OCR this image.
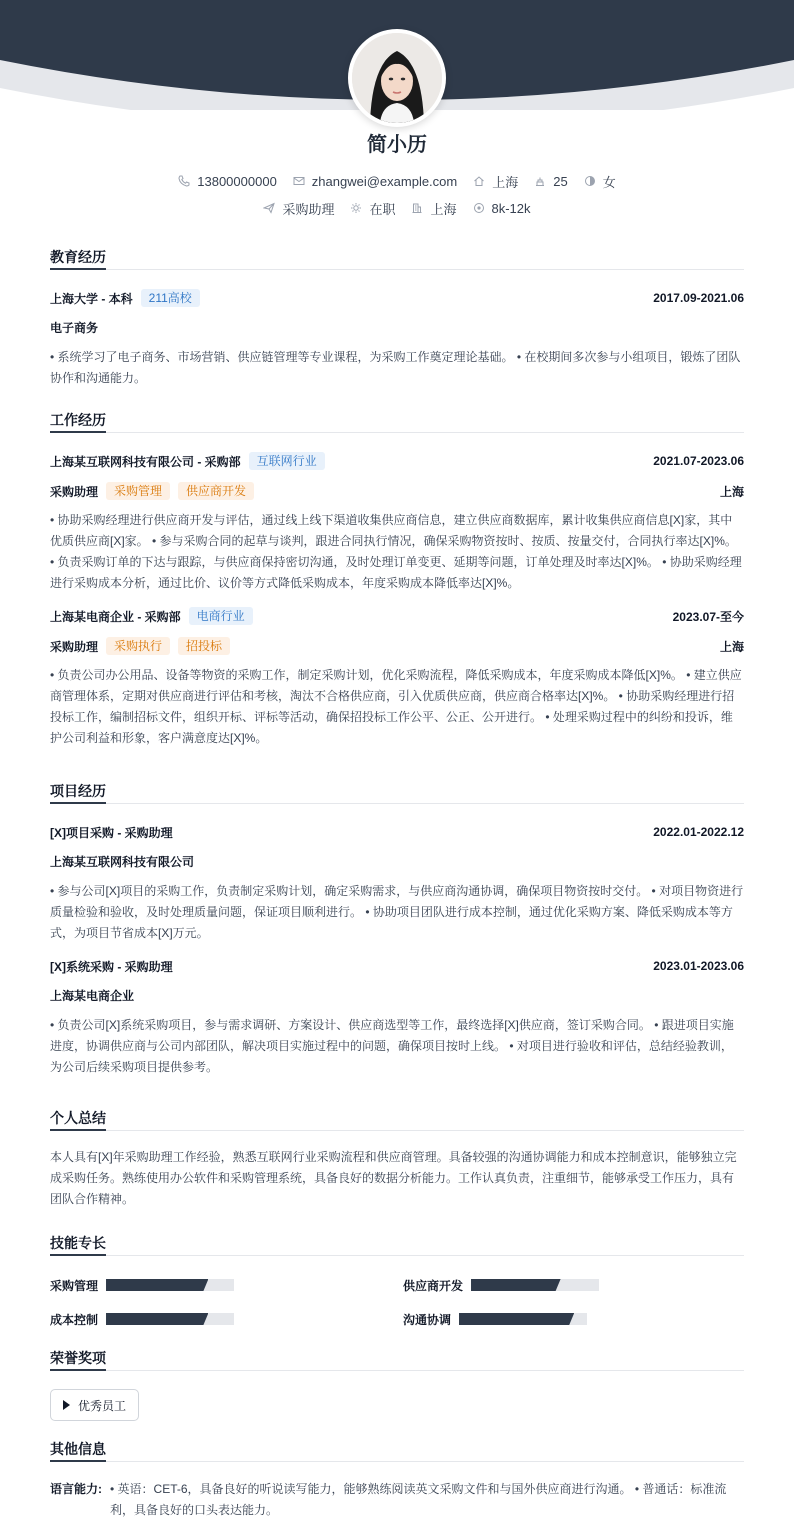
简小历
13800000000	zhangwei@example.com	上海	25	女
采购助理	在职	上海	8k-12k
教育经历
上海大学 - 本科	211高校	2017.09-2021.06
电子商务
• 系统学习了电子商务、市场营销、供应链管理等专业课程，为采购工作奠定理论基础。 • 在校期间多次参与小组项目，锻炼了团队协作和沟通能力。
工作经历
上海某互联网科技有限公司 - 采购部	互联网行业	2021.07-2023.06
采购助理	采购管理	供应商开发	上海
• 协助采购经理进行供应商开发与评估，通过线上线下渠道收集供应商信息，建立供应商数据库，累计收集供应商信息[X]家，其中优质供应商[X]家。 • 参与采购合同的起草与谈判，跟进合同执行情况，确保采购物资按时、按质、按量交付，合同执行率达[X]%。 • 负责采购订单的下达与跟踪，与供应商保持密切沟通，及时处理订单变更、延期等问题，订单处理及时率达[X]%。 • 协助采购经理进行采购成本分析，通过比价、议价等方式降低采购成本，年度采购成本降低率达[X]%。
上海某电商企业 - 采购部	电商行业	2023.07-至今
采购助理	采购执行	招投标	上海
• 负责公司办公用品、设备等物资的采购工作，制定采购计划，优化采购流程，降低采购成本，年度采购成本降低[X]%。 • 建立供应商管理体系，定期对供应商进行评估和考核，淘汰不合格供应商，引入优质供应商，供应商合格率达[X]%。 • 协助采购经理进行招投标工作，编制招标文件，组织开标、评标等活动，确保招投标工作公平、公正、公开进行。 • 处理采购过程中的纠纷和投诉，维护公司利益和形象，客户满意度达[X]%。
项目经历
[X]项目采购 - 采购助理	2022.01-2022.12
上海某互联网科技有限公司
• 参与公司[X]项目的采购工作，负责制定采购计划，确定采购需求，与供应商沟通协调，确保项目物资按时交付。 • 对项目物资进行质量检验和验收，及时处理质量问题，保证项目顺利进行。 • 协助项目团队进行成本控制，通过优化采购方案、降低采购成本等方式，为项目节省成本[X]万元。
[X]系统采购 - 采购助理	2023.01-2023.06
上海某电商企业
• 负责公司[X]系统采购项目，参与需求调研、方案设计、供应商选型等工作，最终选择[X]供应商，签订采购合同。 • 跟进项目实施进度，协调供应商与公司内部团队，解决项目实施过程中的问题，确保项目按时上线。 • 对项目进行验收和评估，总结经验教训，为公司后续采购项目提供参考。
个人总结
本人具有[X]年采购助理工作经验，熟悉互联网行业采购流程和供应商管理。具备较强的沟通协调能力和成本控制意识，能够独立完成采购任务。熟练使用办公软件和采购管理系统，具备良好的数据分析能力。工作认真负责，注重细节，能够承受工作压力，具有团队合作精神。
技能专长
采购管理	供应商开发
成本控制	沟通协调
荣誉奖项
优秀员工
其他信息
语言能力: • 英语：CET-6，具备良好的听说读写能力，能够熟练阅读英文采购文件和与国外供应商进行沟通。 • 普通话：标准流利，具备良好的口头表达能力。
